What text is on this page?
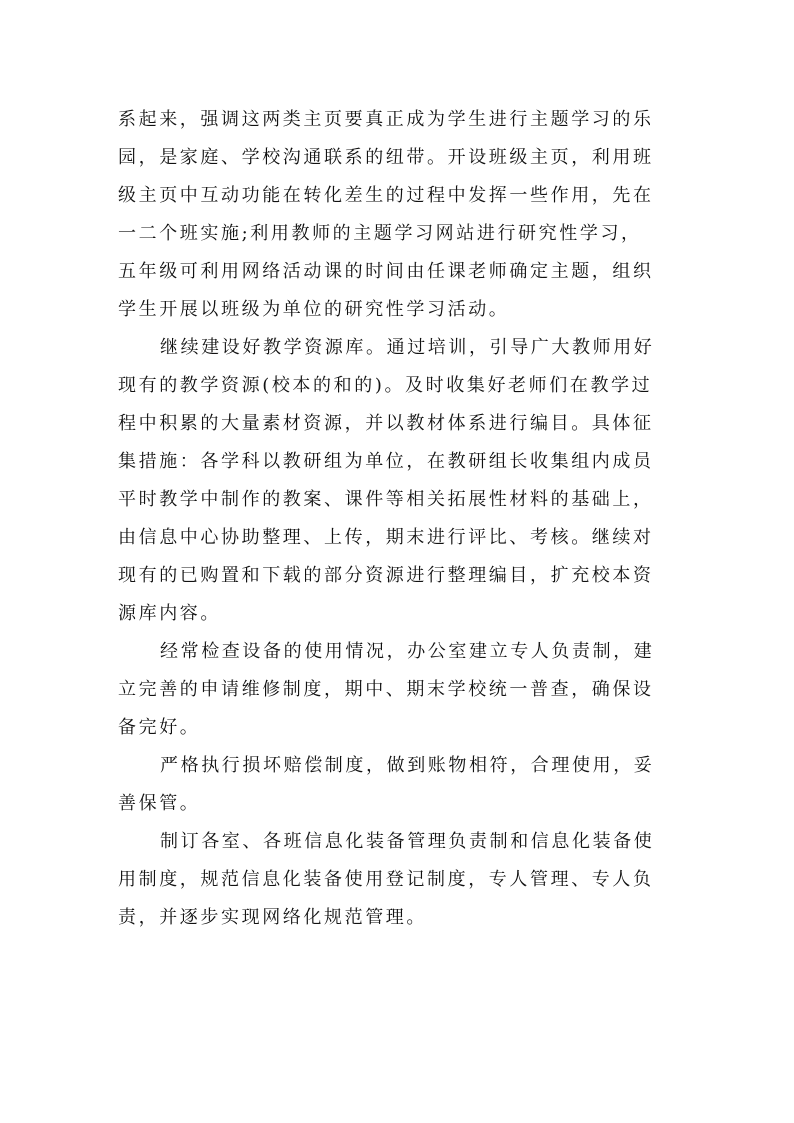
系起来，强调这两类主页要真正成为学生进行主题学习的乐
园，是家庭、学校沟通联系的纽带。开设班级主页，利用班
级主页中互动功能在转化差生的过程中发挥一些作用，先在
一二个班实施;利用教师的主题学习网站进行研究性学习，
五年级可利用网络活动课的时间由任课老师确定主题，组织
学生开展以班级为单位的研究性学习活动。
继续建设好教学资源库。通过培训，引导广大教师用好
现有的教学资源(校本的和的)。及时收集好老师们在教学过
程中积累的大量素材资源，并以教材体系进行编目。具体征
集措施：各学科以教研组为单位，在教研组长收集组内成员
平时教学中制作的教案、课件等相关拓展性材料的基础上，
由信息中心协助整理、上传，期末进行评比、考核。继续对
现有的已购置和下载的部分资源进行整理编目，扩充校本资
源库内容。
经常检查设备的使用情况，办公室建立专人负责制，建
立完善的申请维修制度，期中、期末学校统一普查，确保设
备完好。
严格执行损坏赔偿制度，做到账物相符，合理使用，妥
善保管。
制订各室、各班信息化装备管理负责制和信息化装备使
用制度，规范信息化装备使用登记制度，专人管理、专人负
责，并逐步实现网络化规范管理。
